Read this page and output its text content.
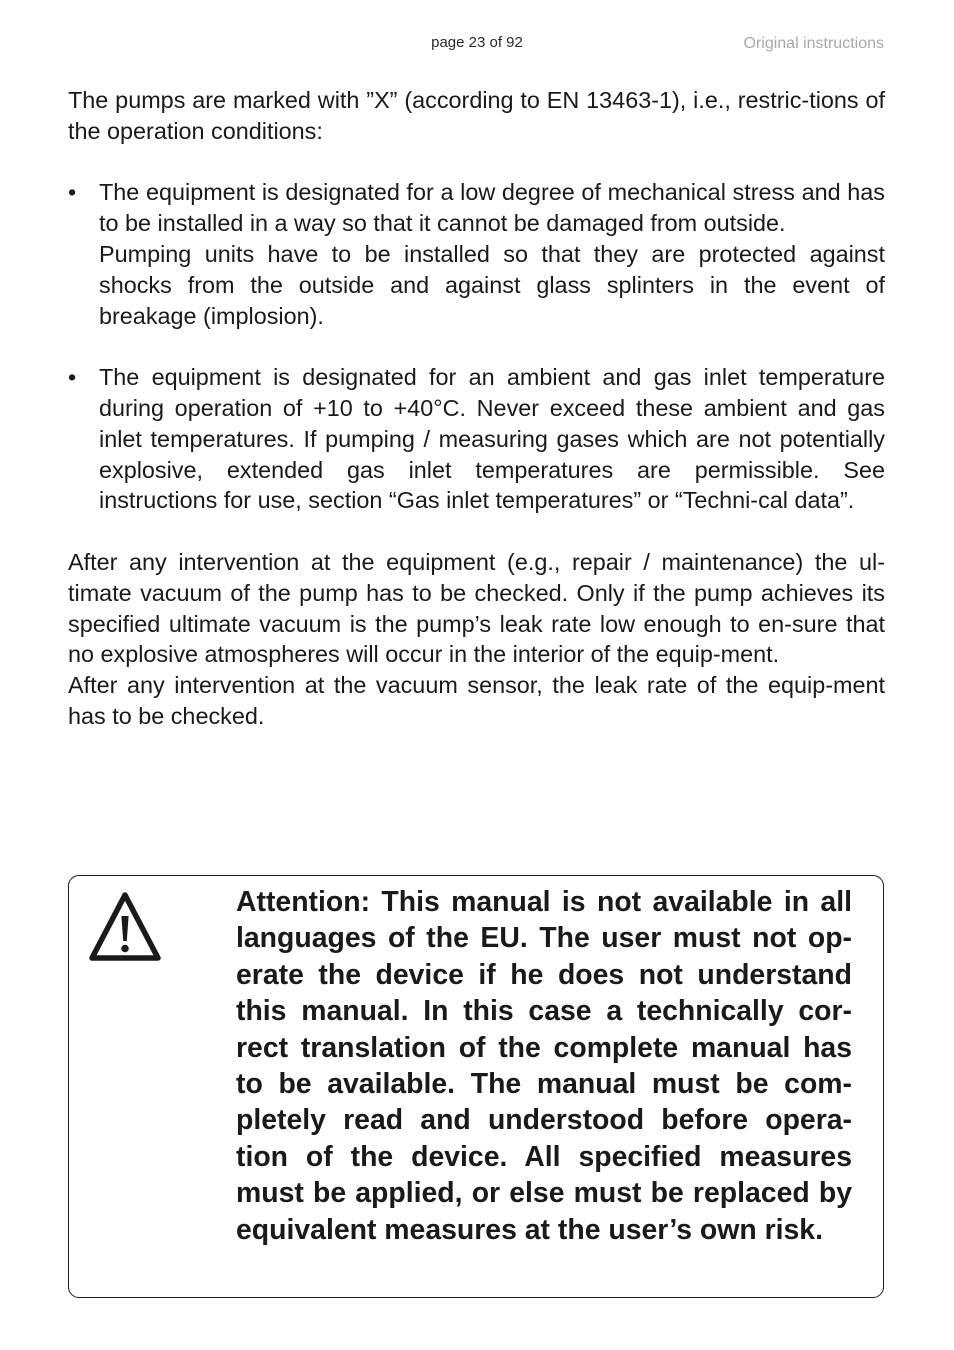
page 23 of 92	Original instructions

The pumps are marked with ”X” (according to EN 13463-1), i.e., restric-tions of the operation conditions:

• The equipment is designated for a low degree of mechanical stress and has to be installed in a way so that it cannot be damaged from outside.

Pumping units have to be installed so that they are protected against shocks from the outside and against glass splinters in the event of breakage (implosion).

• The equipment is designated for an ambient and gas inlet temperature during operation of +10 to +40°C. Never exceed these ambient and gas inlet temperatures. If pumping / measuring gases which are not potentially explosive, extended gas inlet temperatures are permissible. See instructions for use, section “Gas inlet temperatures” or “Techni-cal data”.

After any intervention at the equipment (e.g., repair / maintenance) the ul-timate vacuum of the pump has to be checked. Only if the pump achieves its specified ultimate vacuum is the pump’s leak rate low enough to en-sure that no explosive atmospheres will occur in the interior of the equip-ment.

After any intervention at the vacuum sensor, the leak rate of the equip-ment has to be checked.

Attention: This manual is not available in all languages of the EU. The user must not op-erate the device if he does not understand this manual. In this case a technically cor-rect translation of the complete manual has to be available. The manual must be com-pletely read and understood before opera-tion of the device. All specified measures must be applied, or else must be replaced by equivalent measures at the user’s own risk.
